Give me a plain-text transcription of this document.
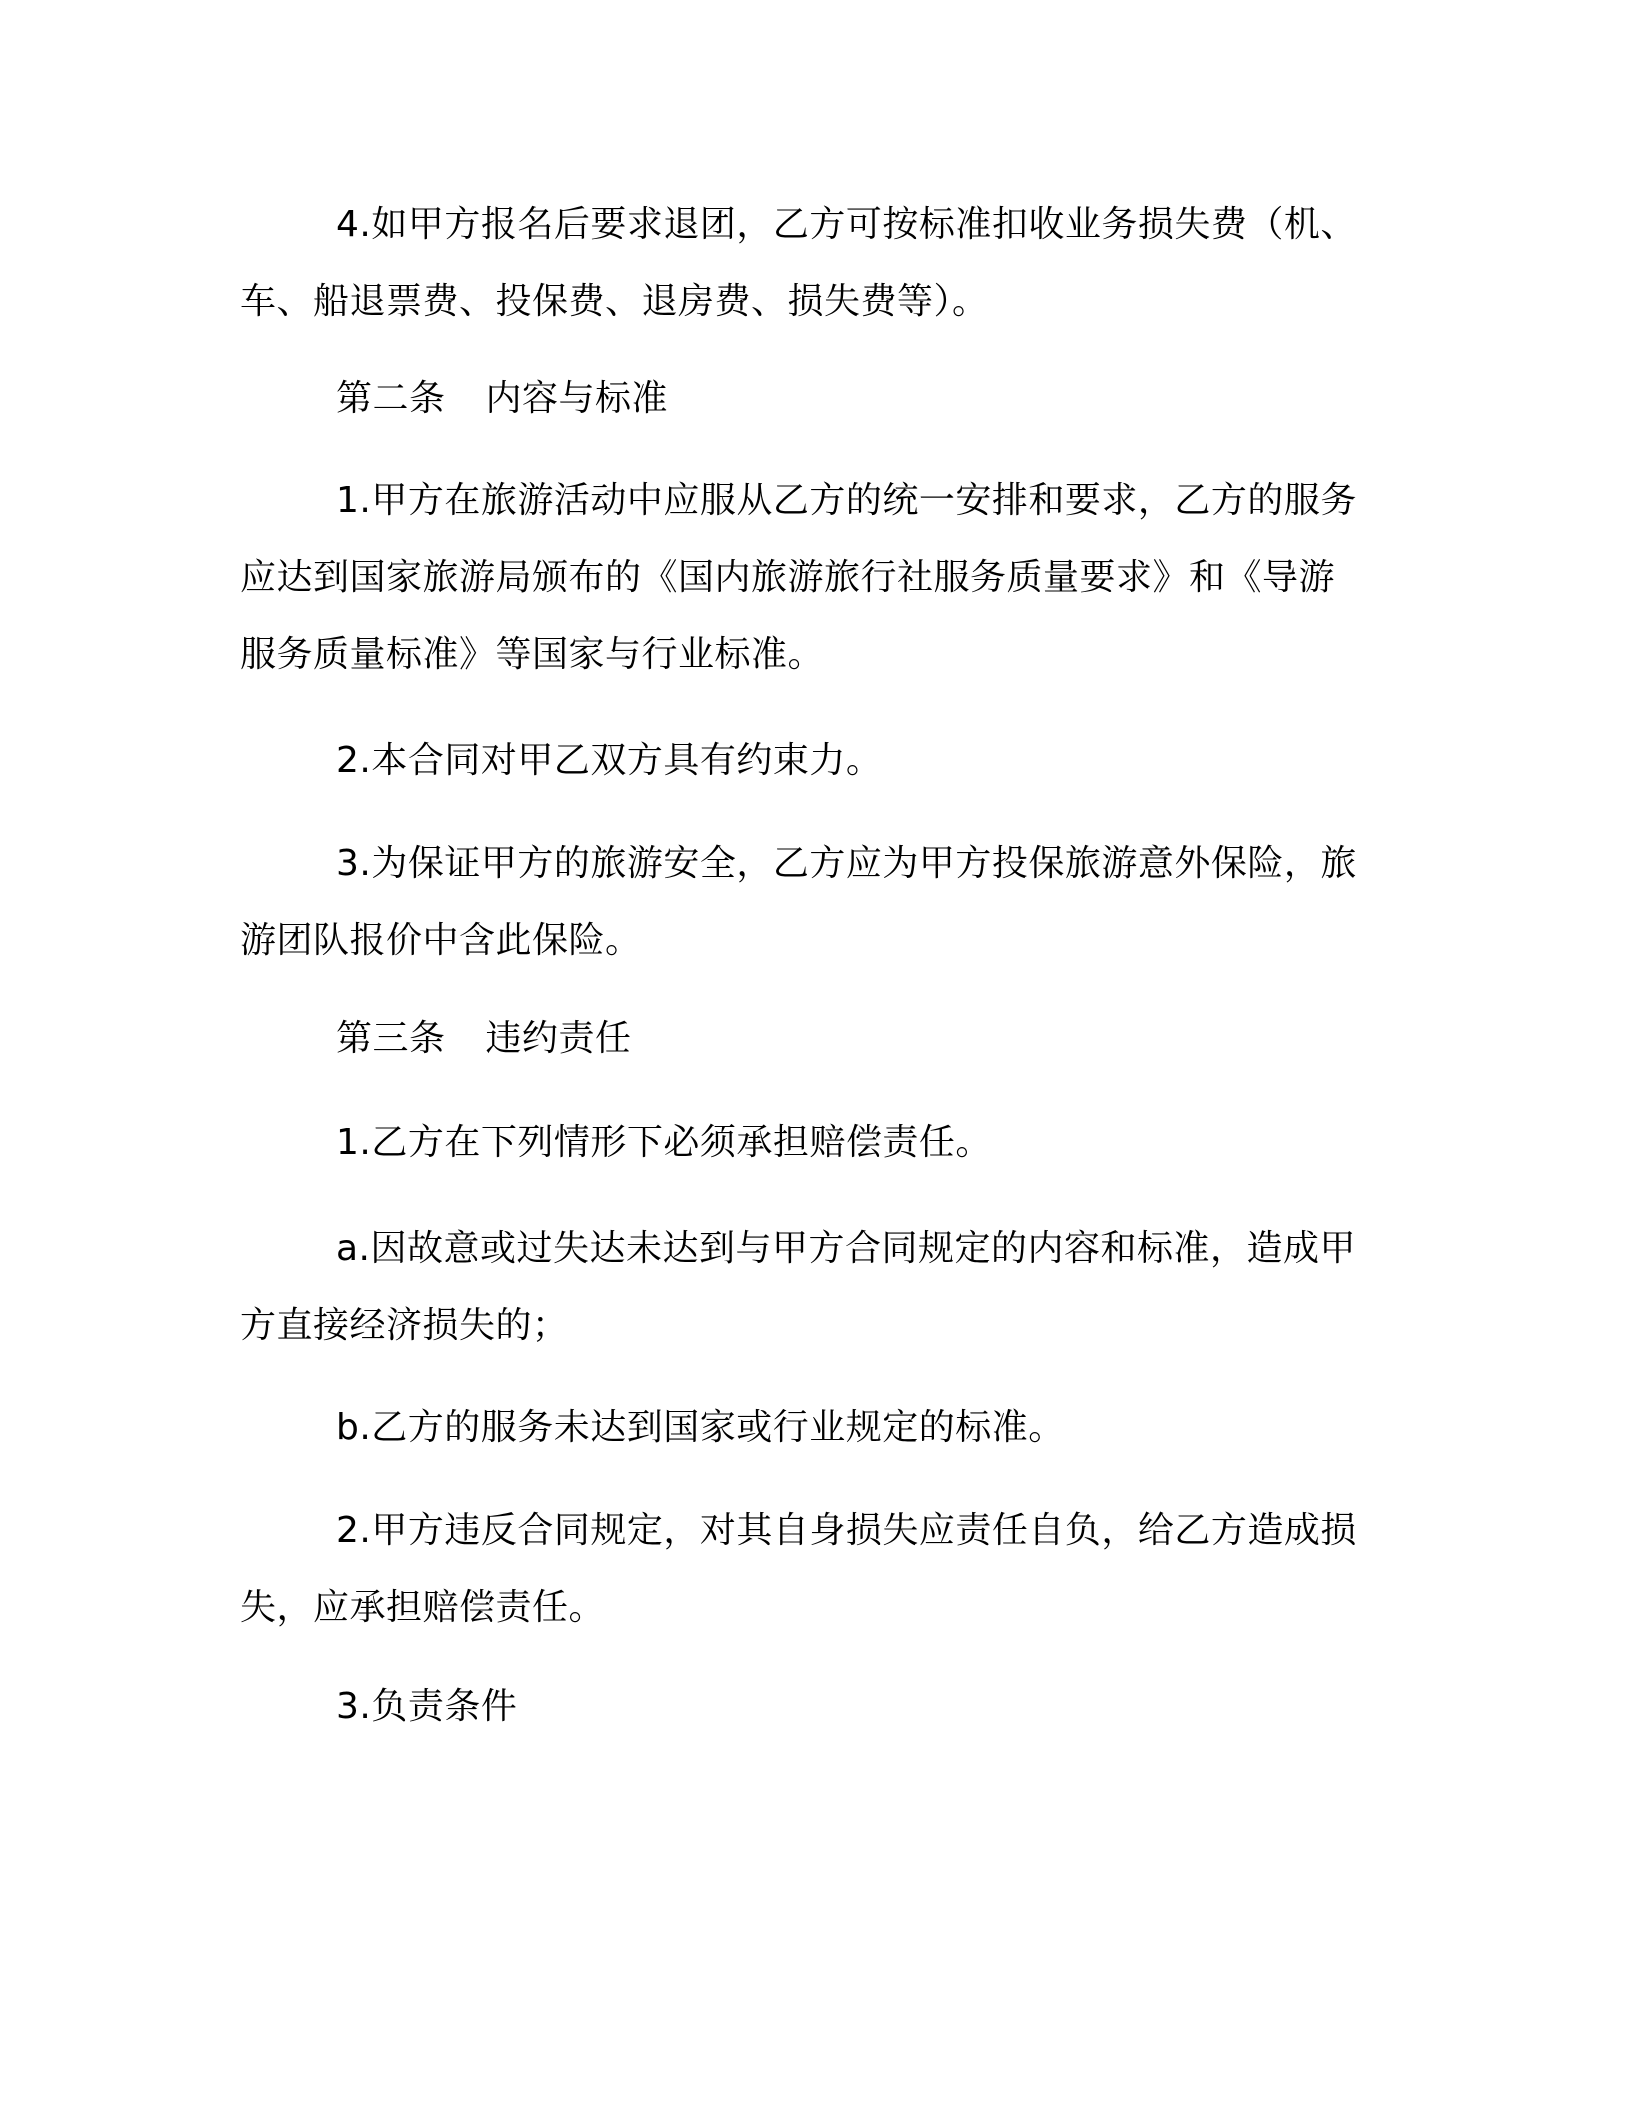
4.如甲方报名后要求退团，乙方可按标准扣收业务损失费（机、车、船退票费、投保费、退房费、损失费等）。

第二条 内容与标准

1.甲方在旅游活动中应服从乙方的统一安排和要求，乙方的服务应达到国家旅游局颁布的《国内旅游旅行社服务质量要求》和《导游服务质量标准》等国家与行业标准。

2.本合同对甲乙双方具有约束力。

3.为保证甲方的旅游安全，乙方应为甲方投保旅游意外保险，旅游团队报价中含此保险。

第三条 违约责任

1.乙方在下列情形下必须承担赔偿责任。

a.因故意或过失达未达到与甲方合同规定的内容和标准，造成甲方直接经济损失的；

b.乙方的服务未达到国家或行业规定的标准。

2.甲方违反合同规定，对其自身损失应责任自负，给乙方造成损失，应承担赔偿责任。

3.负责条件
